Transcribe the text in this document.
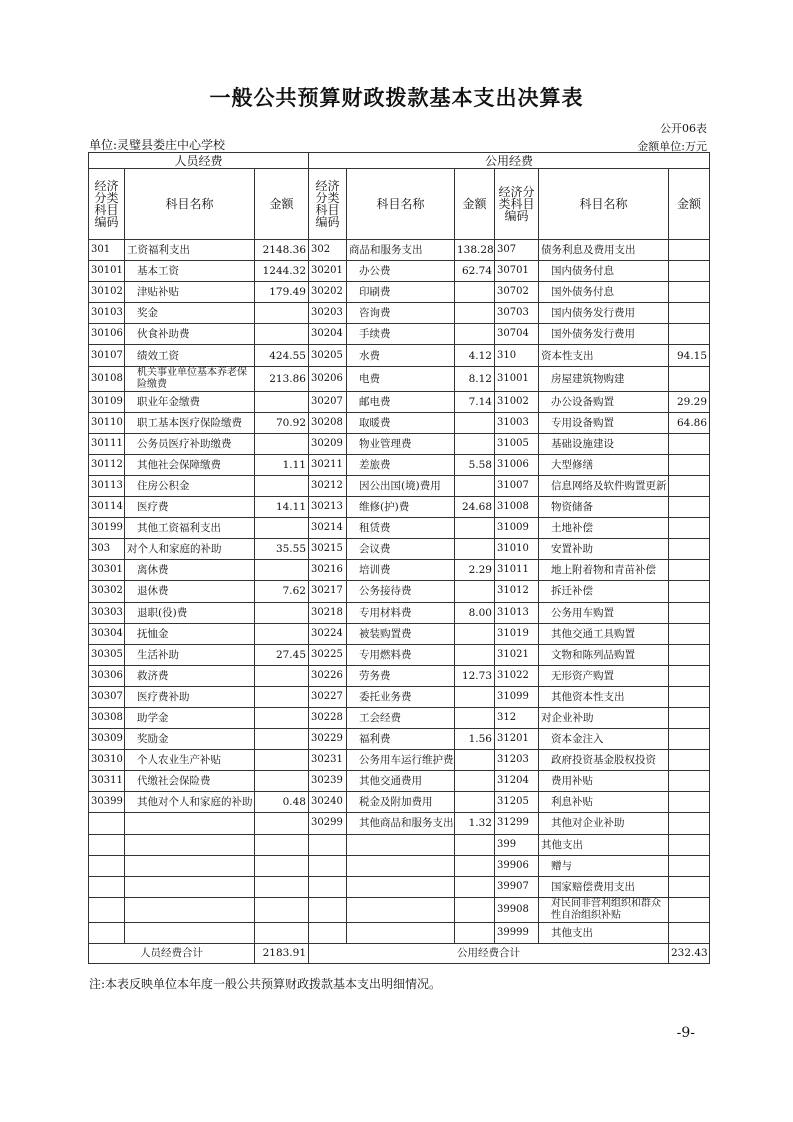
一般公共预算财政拨款基本支出决算表
公开06表
单位:灵璧县娄庄中心学校	金额单位:万元
人员经费			公用经费					
经济分类科目编码	科目名称	金额	经济分类科目编码	科目名称	金额	经济分类科目编码	科目名称	金额
301	工资福利支出	2148.36	302	商品和服务支出	138.28	307	债务利息及费用支出	
30101	基本工资	1244.32	30201	办公费	62.74	30701	国内债务付息	
30102	津贴补贴	179.49	30202	印刷费		30702	国外债务付息	
30103	奖金		30203	咨询费		30703	国内债务发行费用	
30106	伙食补助费		30204	手续费		30704	国外债务发行费用	
30107	绩效工资	424.55	30205	水费	4.12	310	资本性支出	94.15
30108	机关事业单位基本养老保险缴费	213.86	30206	电费	8.12	31001	房屋建筑物购建	
30109	职业年金缴费		30207	邮电费	7.14	31002	办公设备购置	29.29
30110	职工基本医疗保险缴费	70.92	30208	取暖费		31003	专用设备购置	64.86
30111	公务员医疗补助缴费		30209	物业管理费		31005	基础设施建设	
30112	其他社会保障缴费	1.11	30211	差旅费	5.58	31006	大型修缮	
30113	住房公积金		30212	因公出国(境)费用		31007	信息网络及软件购置更新	
30114	医疗费	14.11	30213	维修(护)费	24.68	31008	物资储备	
30199	其他工资福利支出		30214	租赁费		31009	土地补偿	
303	对个人和家庭的补助	35.55	30215	会议费		31010	安置补助	
30301	离休费		30216	培训费	2.29	31011	地上附着物和青苗补偿	
30302	退休费	7.62	30217	公务接待费		31012	拆迁补偿	
30303	退职(役)费		30218	专用材料费	8.00	31013	公务用车购置	
30304	抚恤金		30224	被装购置费		31019	其他交通工具购置	
30305	生活补助	27.45	30225	专用燃料费		31021	文物和陈列品购置	
30306	救济费		30226	劳务费	12.73	31022	无形资产购置	
30307	医疗费补助		30227	委托业务费		31099	其他资本性支出	
30308	助学金		30228	工会经费		312	对企业补助	
30309	奖励金		30229	福利费	1.56	31201	资本金注入	
30310	个人农业生产补贴		30231	公务用车运行维护费		31203	政府投资基金股权投资	
30311	代缴社会保险费		30239	其他交通费用		31204	费用补贴	
30399	其他对个人和家庭的补助	0.48	30240	税金及附加费用		31205	利息补贴	
			30299	其他商品和服务支出	1.32	31299	其他对企业补助	
						399	其他支出	
						39906	赠与	
						39907	国家赔偿费用支出	
						39908	对民间非营利组织和群众性自治组织补贴	
						39999	其他支出	
人员经费合计		2183.91	公用经费合计					232.43
注:本表反映单位本年度一般公共预算财政拨款基本支出明细情况。
-9-
